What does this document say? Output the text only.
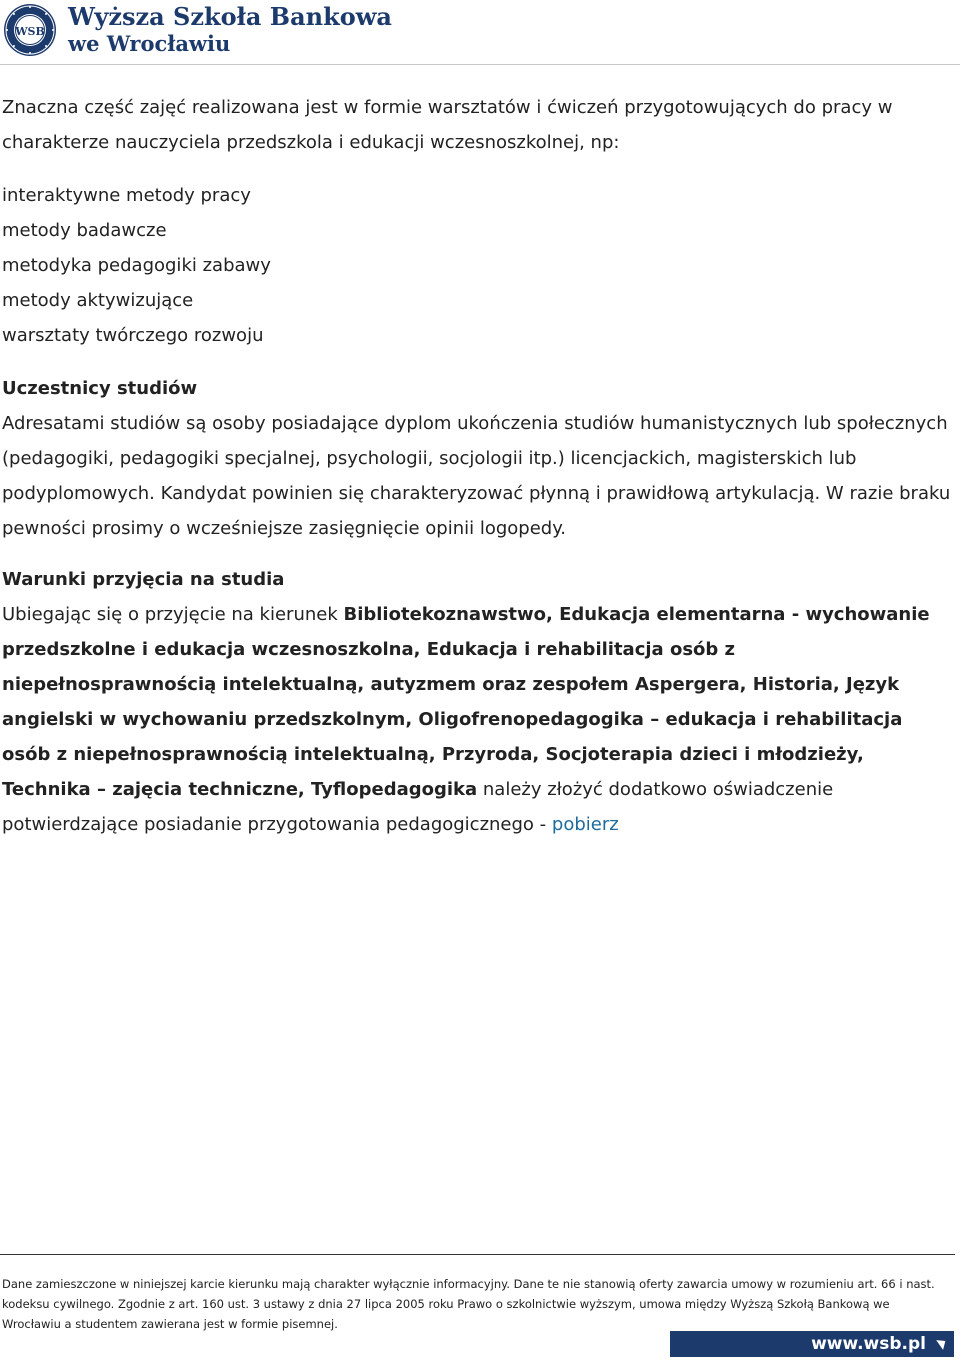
WSB
Wyższa Szkoła Bankowa
we Wrocławiu

Znaczna część zajęć realizowana jest w formie warsztatów i ćwiczeń przygotowujących do pracy w charakterze nauczyciela przedszkola i edukacji wczesnoszkolnej, np:

interaktywne metody pracy
metody badawcze
metodyka pedagogiki zabawy
metody aktywizujące
warsztaty twórczego rozwoju

Uczestnicy studiów

Adresatami studiów są osoby posiadające dyplom ukończenia studiów humanistycznych lub społecznych (pedagogiki, pedagogiki specjalnej, psychologii, socjologii itp.) licencjackich, magisterskich lub podyplomowych. Kandydat powinien się charakteryzować płynną i prawidłową artykulacją. W razie braku pewności prosimy o wcześniejsze zasięgnięcie opinii logopedy.

Warunki przyjęcia na studia

Ubiegając się o przyjęcie na kierunek Bibliotekoznawstwo, Edukacja elementarna - wychowanie przedszkolne i edukacja wczesnoszkolna, Edukacja i rehabilitacja osób z niepełnosprawnością intelektualną, autyzmem oraz zespołem Aspergera, Historia, Język angielski w wychowaniu przedszkolnym, Oligofrenopedagogika – edukacja i rehabilitacja osób z niepełnosprawnością intelektualną, Przyroda, Socjoterapia dzieci i młodzieży, Technika – zajęcia techniczne, Tyflopedagogika należy złożyć dodatkowo oświadczenie potwierdzające posiadanie przygotowania pedagogicznego - pobierz

Dane zamieszczone w niniejszej karcie kierunku mają charakter wyłącznie informacyjny. Dane te nie stanowią oferty zawarcia umowy w rozumieniu art. 66 i nast. kodeksu cywilnego. Zgodnie z art. 160 ust. 3 ustawy z dnia 27 lipca 2005 roku Prawo o szkolnictwie wyższym, umowa między Wyższą Szkołą Bankową we Wrocławiu a studentem zawierana jest w formie pisemnej.
www.wsb.pl
